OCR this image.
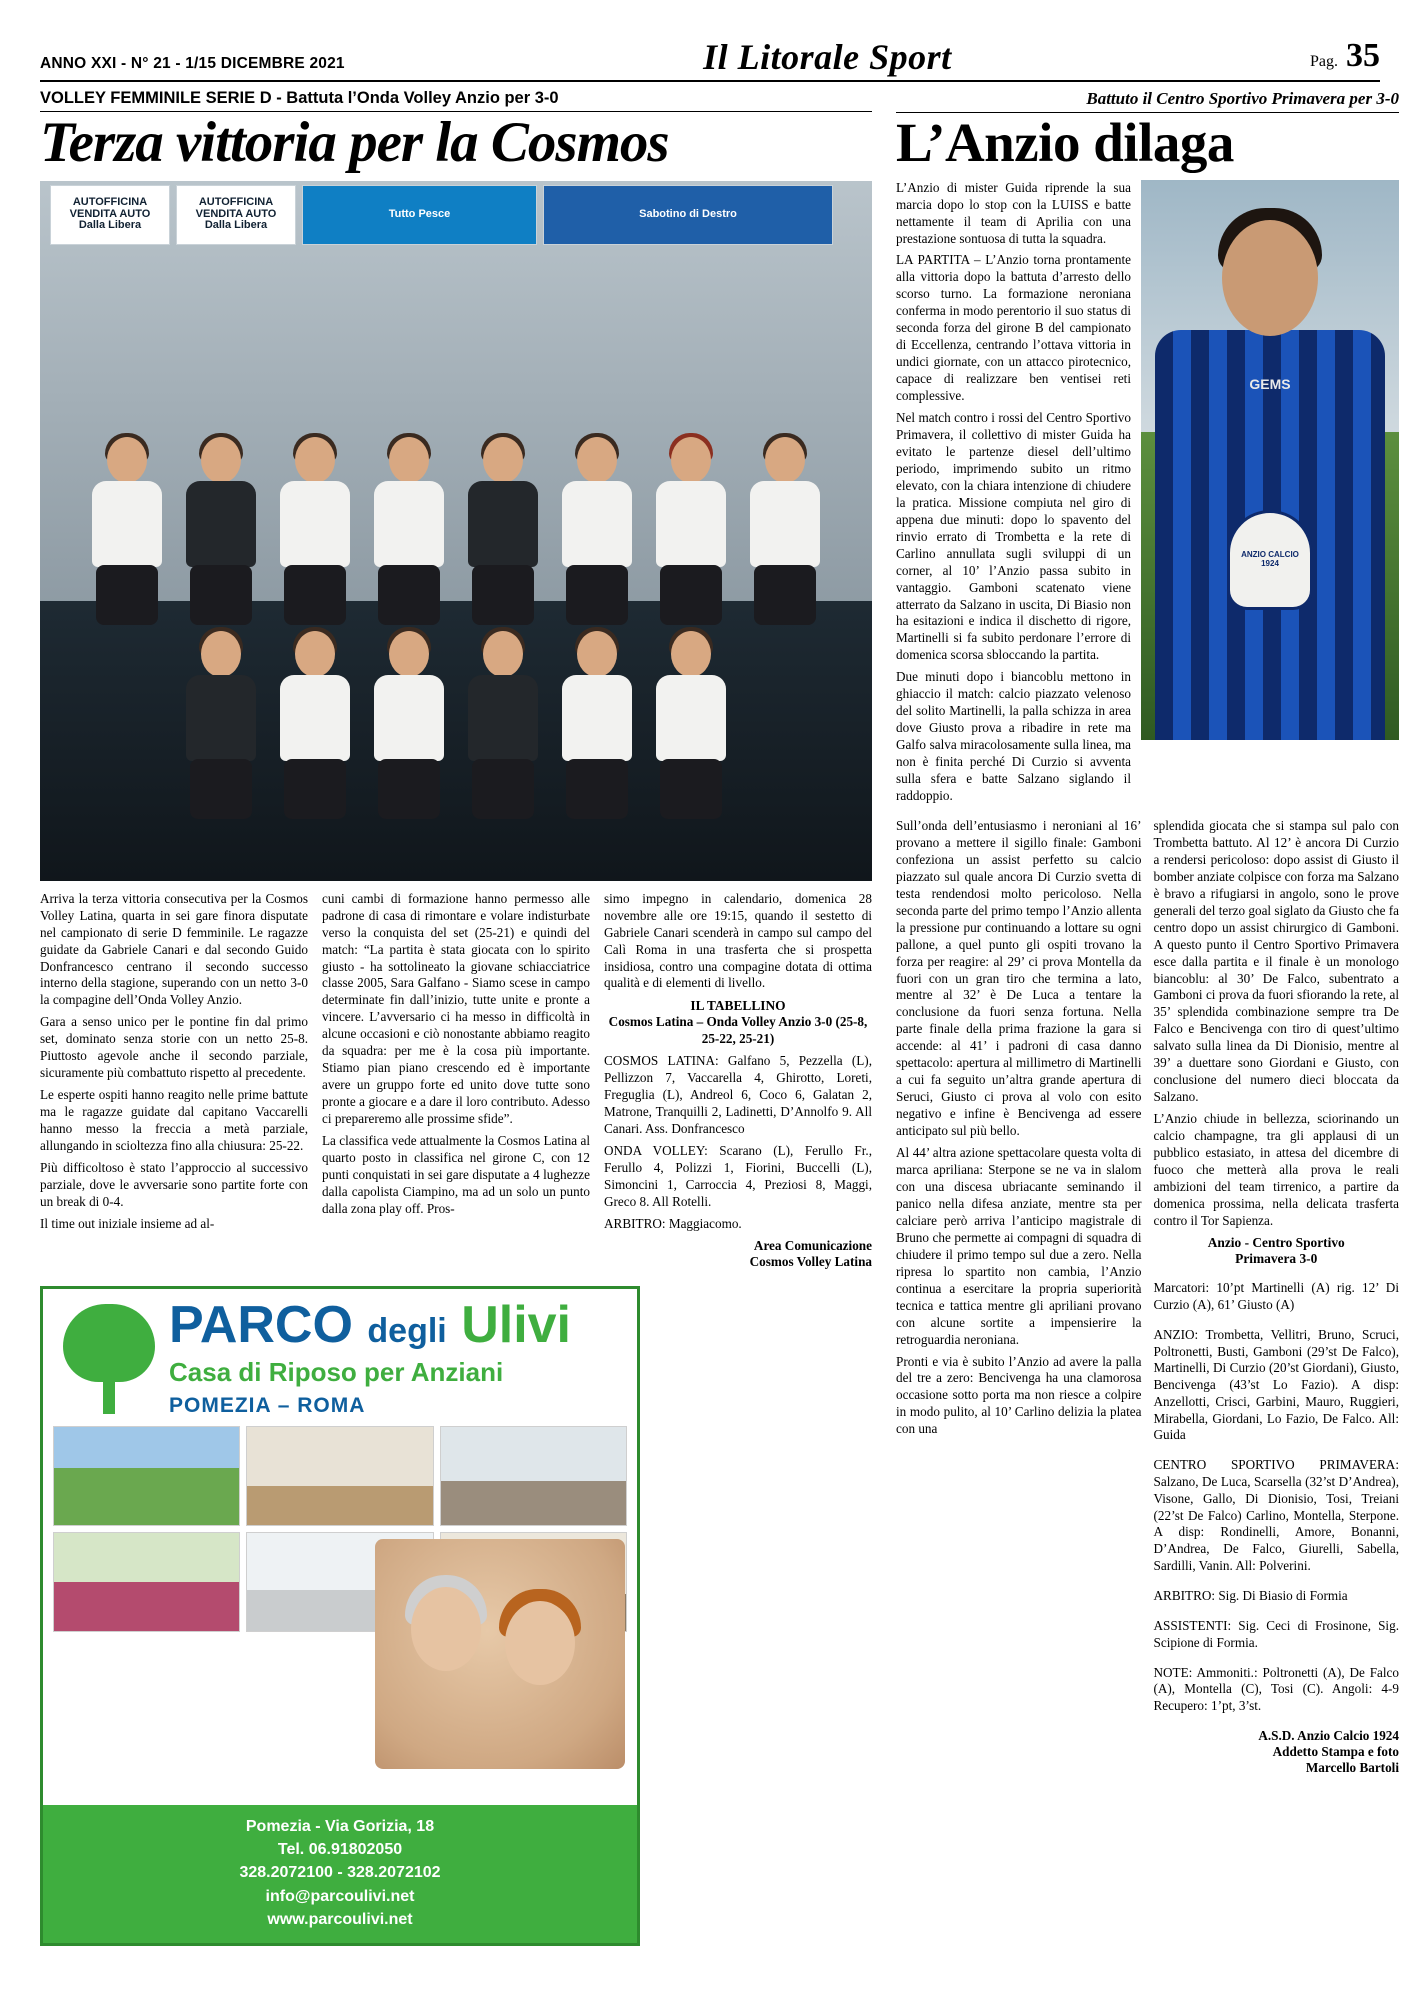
ANNO XXI - N° 21 - 1/15 DICEMBRE 2021	Il Litorale Sport	Pag. 35
VOLLEY FEMMINILE SERIE D - Battuta l’Onda Volley Anzio per 3-0
Terza vittoria per la Cosmos
AUTOFFICINA VENDITA AUTO Dalla Libera
AUTOFFICINA VENDITA AUTO Dalla Libera
Tutto Pesce	Sabotino di Destro

Arriva la terza vittoria consecutiva per la Cosmos Volley Latina, quarta in sei gare finora disputate nel campionato di serie D femminile. Le ragazze guidate da Gabriele Canari e dal secondo Guido Donfrancesco centrano il secondo successo interno della stagione, superando con un netto 3-0 la compagine dell’Onda Volley Anzio.

Gara a senso unico per le pontine fin dal primo set, dominato senza storie con un netto 25-8. Piuttosto agevole anche il secondo parziale, sicuramente più combattuto rispetto al precedente.

Le esperte ospiti hanno reagito nelle prime battute ma le ragazze guidate dal capitano Vaccarelli hanno messo la freccia a metà parziale, allungando in scioltezza fino alla chiusura: 25-22.

Più difficoltoso è stato l’approccio al successivo parziale, dove le avversarie sono partite forte con un break di 0-4.

Il time out iniziale insieme ad al-

cuni cambi di formazione hanno permesso alle padrone di casa di rimontare e volare indisturbate verso la conquista del set (25-21) e quindi del match: “La partita è stata giocata con lo spirito giusto - ha sottolineato la giovane schiacciatrice classe 2005, Sara Galfano - Siamo scese in campo determinate fin dall’inizio, tutte unite e pronte a vincere. L’avversario ci ha messo in difficoltà in alcune occasioni e ciò nonostante abbiamo reagito da squadra: per me è la cosa più importante. Stiamo pian piano crescendo ed è importante avere un gruppo forte ed unito dove tutte sono pronte a giocare e a dare il loro contributo. Adesso ci prepareremo alle prossime sfide”.

La classifica vede attualmente la Cosmos Latina al quarto posto in classifica nel girone C, con 12 punti conquistati in sei gare disputate a 4 lughezze dalla capolista Ciampino, ma ad un solo un punto dalla zona play off. Pros-

simo impegno in calendario, domenica 28 novembre alle ore 19:15, quando il sestetto di Gabriele Canari scenderà in campo sul campo del Calì Roma in una trasferta che si prospetta insidiosa, contro una compagine dotata di ottima qualità e di elementi di livello.

IL TABELLINO
Cosmos Latina – Onda Volley Anzio 3-0 (25-8, 25-22, 25-21)

COSMOS LATINA: Galfano 5, Pezzella (L), Pellizzon 7, Vaccarella 4, Ghirotto, Loreti, Freguglia (L), Andreol 6, Coco 6, Galatan 2, Matrone, Tranquilli 2, Ladinetti, D’Annolfo 9. All Canari. Ass. Donfrancesco

ONDA VOLLEY: Scarano (L), Ferullo Fr., Ferullo 4, Polizzi 1, Fiorini, Buccelli (L), Simoncini 1, Carroccia 4, Preziosi 8, Maggi, Greco 8. All Rotelli.

ARBITRO: Maggiacomo.

Area Comunicazione
Cosmos Volley Latina
Battuto il Centro Sportivo Primavera per 3-0
L’Anzio dilaga

L’Anzio di mister Guida riprende la sua marcia dopo lo stop con la LUISS e batte nettamente il team di Aprilia con una prestazione sontuosa di tutta la squadra.

LA PARTITA – L’Anzio torna prontamente alla vittoria dopo la battuta d’arresto dello scorso turno. La formazione neroniana conferma in modo perentorio il suo status di seconda forza del girone B del campionato di Eccellenza, centrando l’ottava vittoria in undici giornate, con un attacco pirotecnico, capace di realizzare ben ventisei reti complessive.

Nel match contro i rossi del Centro Sportivo Primavera, il collettivo di mister Guida ha evitato le partenze diesel dell’ultimo periodo, imprimendo subito un ritmo elevato, con la chiara intenzione di chiudere la pratica. Missione compiuta nel giro di appena due minuti: dopo lo spavento del rinvio errato di Trombetta e la rete di Carlino annullata sugli sviluppi di un corner, al 10’ l’Anzio passa subito in vantaggio. Gamboni scatenato viene atterrato da Salzano in uscita, Di Biasio non ha esitazioni e indica il dischetto di rigore, Martinelli si fa subito perdonare l’errore di domenica scorsa sbloccando la partita.

Due minuti dopo i biancoblu mettono in ghiaccio il match: calcio piazzato velenoso del solito Martinelli, la palla schizza in area dove Giusto prova a ribadire in rete ma Galfo salva miracolosamente sulla linea, ma non è finita perché Di Curzio si avventa sulla sfera e batte Salzano siglando il raddoppio.

GEMS
ANZIO CALCIO 1924

Sull’onda dell’entusiasmo i neroniani al 16’ provano a mettere il sigillo finale: Gamboni confeziona un assist perfetto su calcio piazzato sul quale ancora Di Curzio svetta di testa rendendosi molto pericoloso. Nella seconda parte del primo tempo l’Anzio allenta la pressione pur continuando a lottare su ogni pallone, a quel punto gli ospiti trovano la forza per reagire: al 29’ ci prova Montella da fuori con un gran tiro che termina a lato, mentre al 32’ è De Luca a tentare la conclusione da fuori senza fortuna. Nella parte finale della prima frazione la gara si accende: al 41’ i padroni di casa danno spettacolo: apertura al millimetro di Martinelli a cui fa seguito un’altra grande apertura di Seruci, Giusto ci prova al volo con esito negativo e infine è Bencivenga ad essere anticipato sul più bello.

Al 44’ altra azione spettacolare questa volta di marca apriliana: Sterpone se ne va in slalom con una discesa ubriacante seminando il panico nella difesa anziate, mentre sta per calciare però arriva l’anticipo magistrale di Bruno che permette ai compagni di squadra di chiudere il primo tempo sul due a zero. Nella ripresa lo spartito non cambia, l’Anzio continua a esercitare la propria superiorità tecnica e tattica mentre gli apriliani provano con alcune sortite a impensierire la retroguardia neroniana.

Pronti e via è subito l’Anzio ad avere la palla del tre a zero: Bencivenga ha una clamorosa occasione sotto porta ma non riesce a colpire in modo pulito, al 10’ Carlino delizia la platea con una

splendida giocata che si stampa sul palo con Trombetta battuto. Al 12’ è ancora Di Curzio a rendersi pericoloso: dopo assist di Giusto il bomber anziate colpisce con forza ma Salzano è bravo a rifugiarsi in angolo, sono le prove generali del terzo goal siglato da Giusto che fa centro dopo un assist chirurgico di Gamboni. A questo punto il Centro Sportivo Primavera esce dalla partita e il finale è un monologo biancoblu: al 30’ De Falco, subentrato a Gamboni ci prova da fuori sfiorando la rete, al 35’ splendida combinazione sempre tra De Falco e Bencivenga con tiro di quest’ultimo salvato sulla linea da Di Dionisio, mentre al 39’ a duettare sono Giordani e Giusto, con conclusione del numero dieci bloccata da Salzano.

L’Anzio chiude in bellezza, sciorinando un calcio champagne, tra gli applausi di un pubblico estasiato, in attesa del dicembre di fuoco che metterà alla prova le reali ambizioni del team tirrenico, a partire da domenica prossima, nella delicata trasferta contro il Tor Sapienza.

Anzio - Centro Sportivo
Primavera 3-0

Marcatori: 10’pt Martinelli (A) rig. 12’ Di Curzio (A), 61’ Giusto (A)

ANZIO: Trombetta, Vellitri, Bruno, Scruci, Poltronetti, Busti, Gamboni (29’st De Falco), Martinelli, Di Curzio (20’st Giordani), Giusto, Bencivenga (43’st Lo Fazio). A disp: Anzellotti, Crisci, Garbini, Mauro, Ruggieri, Mirabella, Giordani, Lo Fazio, De Falco. All: Guida

CENTRO SPORTIVO PRIMAVERA: Salzano, De Luca, Scarsella (32’st D’Andrea), Visone, Gallo, Di Dionisio, Tosi, Treiani (22’st De Falco) Carlino, Montella, Sterpone. A disp: Rondinelli, Amore, Bonanni, D’Andrea, De Falco, Giurelli, Sabella, Sardilli, Vanin. All: Polverini.

ARBITRO: Sig. Di Biasio di Formia

ASSISTENTI: Sig. Ceci di Frosinone, Sig. Scipione di Formia.

NOTE: Ammoniti.: Poltronetti (A), De Falco (A), Montella (C), Tosi (C). Angoli: 4-9 Recupero: 1’pt, 3’st.

A.S.D. Anzio Calcio 1924
Addetto Stampa e foto
Marcello Bartoli
PARCO degli Ulivi
Casa di Riposo per Anziani
POMEZIA – ROMA
Pomezia - Via Gorizia, 18
Tel. 06.91802050
328.2072100 - 328.2072102
info@parcoulivi.net
www.parcoulivi.net
